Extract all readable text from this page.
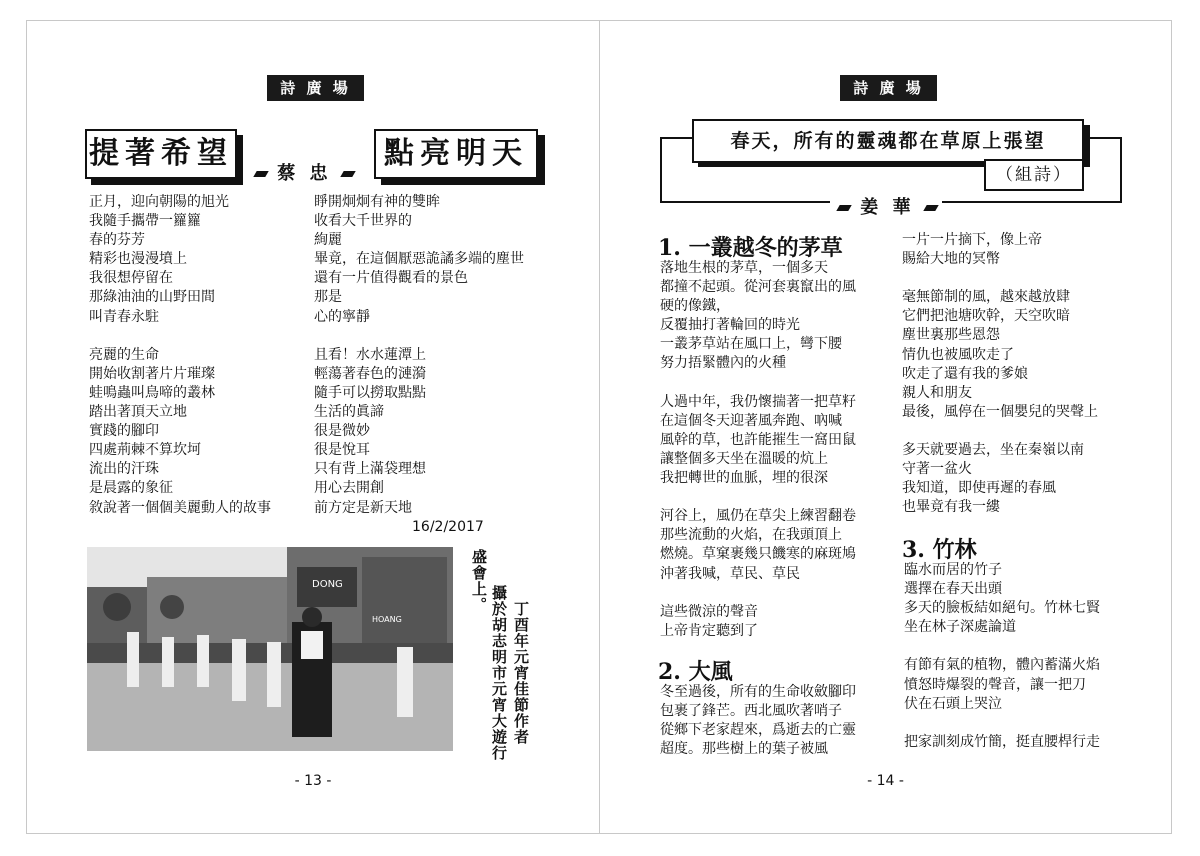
詩 廣 場
提著希望
蔡 忠
點亮明天
正月，迎向朝陽的旭光
我隨手攜帶一籮籮
春的芬芳
精彩也漫漫墳上
我很想停留在
那綠油油的山野田間
叫青春永駐

亮麗的生命
開始收割著片片璀璨
蛙鳴蟲叫鳥啼的叢林
踏出著頂天立地
實踐的腳印
四處荊棘不算坎坷
流出的汗珠
是晨露的象征
敘說著一個個美麗動人的故事
睜開炯炯有神的雙眸
收看大千世界的
絢麗
畢竟，在這個厭惡詭譎多端的塵世
還有一片值得觀看的景色
那是
心的寧靜

且看！水水蓮潭上
輕蕩著春色的漣漪
隨手可以撈取點點
生活的眞諦
很是微妙
很是悅耳
只有背上滿袋理想
用心去開創
前方定是新天地
16/2/2017
DONG
HOANG	丁酉年元宵佳節作者
攝於胡志明市元宵大遊行
盛會上。
- 13 -
詩 廣 場
春天，所有的靈魂都在草原上張望
（組詩）
姜 華
1. 一叢越冬的茅草
落地生根的茅草，一個多天
都撞不起頭。從河套裏竄出的風
硬的像鐵，
反覆抽打著輪回的時光
一叢茅草站在風口上，彎下腰
努力捂緊體內的火種

人過中年，我仍懷揣著一把草籽
在這個冬天迎著風奔跑、吶喊
風幹的草，也許能摧生一窩田鼠
讓整個多天坐在溫暖的炕上
我把轉世的血脈，埋的很深

河谷上，風仍在草尖上練習翻卷
那些流動的火焰，在我頭頂上
燃燒。草窠裹幾只饑寒的麻斑鳩
沖著我喊，草民、草民

這些微涼的聲音
上帝肯定聽到了
2. 大風
冬至過後，所有的生命收斂腳印
包裹了鋒芒。西北風吹著哨子
從鄉下老家趕來，爲逝去的亡靈
超度。那些樹上的葉子被風
一片一片摘下，像上帝
賜給大地的冥幣

毫無節制的風，越來越放肆
它們把池塘吹幹，天空吹暗
塵世裏那些恩怨
情仇也被風吹走了
吹走了還有我的爹娘
親人和朋友
最後，風停在一個嬰兒的哭聲上

多天就要過去，坐在秦嶺以南
守著一盆火
我知道，即使再遲的春風
也畢竟有我一縷
3. 竹林
臨水而居的竹子
選擇在春天出頭
多天的臉板結如絕句。竹林七賢
坐在林子深處論道

有節有氣的植物，體內蓄滿火焰
憤怒時爆裂的聲音，讓一把刀
伏在石頭上哭泣

把家訓刻成竹簡，挺直腰桿行走
- 14 -
